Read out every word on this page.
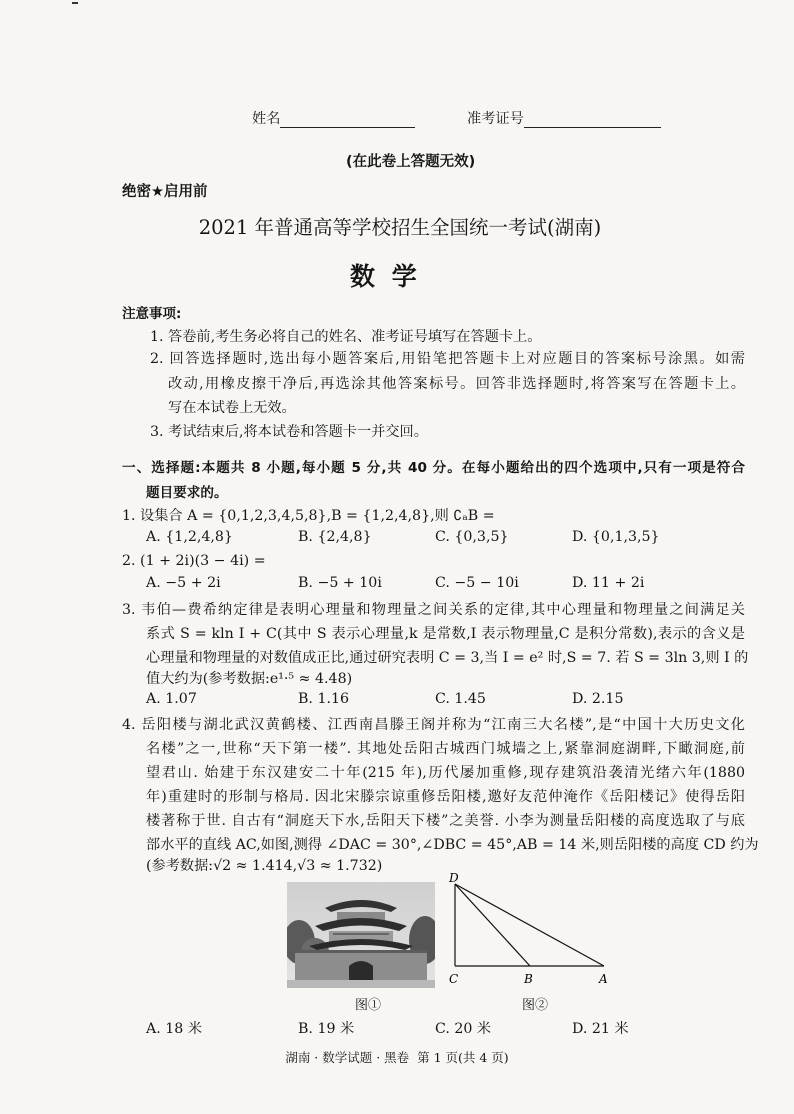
姓名	准考证号
(在此卷上答题无效)
绝密★启用前
2021 年普通高等学校招生全国统一考试(湖南)
数 学
注意事项:
1. 答卷前,考生务必将自己的姓名、准考证号填写在答题卡上。
2. 回答选择题时,选出每小题答案后,用铅笔把答题卡上对应题目的答案标号涂黑。如需
改动,用橡皮擦干净后,再选涂其他答案标号。回答非选择题时,将答案写在答题卡上。
写在本试卷上无效。
3. 考试结束后,将本试卷和答题卡一并交回。
一、选择题:本题共 8 小题,每小题 5 分,共 40 分。在每小题给出的四个选项中,只有一项是符合
题目要求的。
1. 设集合 A = {0,1,2,3,4,5,8},B = {1,2,4,8},则 ∁ₐB =
A. {1,2,4,8}	B. {2,4,8}	C. {0,3,5}	D. {0,1,3,5}
2. (1 + 2i)(3 − 4i) =
A. −5 + 2i	B. −5 + 10i	C. −5 − 10i	D. 11 + 2i
3. 韦伯—费希纳定律是表明心理量和物理量之间关系的定律,其中心理量和物理量之间满足关
系式 S = kln I + C(其中 S 表示心理量,k 是常数,I 表示物理量,C 是积分常数),表示的含义是
心理量和物理量的对数值成正比,通过研究表明 C = 3,当 I = e² 时,S = 7. 若 S = 3ln 3,则 I 的
值大约为(参考数据:e¹·⁵ ≈ 4.48)
A. 1.07	B. 1.16	C. 1.45	D. 2.15
4. 岳阳楼与湖北武汉黄鹤楼、江西南昌滕王阁并称为“江南三大名楼”,是“中国十大历史文化
名楼”之一,世称“天下第一楼”. 其地处岳阳古城西门城墙之上,紧靠洞庭湖畔,下瞰洞庭,前
望君山. 始建于东汉建安二十年(215 年),历代屡加重修,现存建筑沿袭清光绪六年(1880
年)重建时的形制与格局. 因北宋滕宗谅重修岳阳楼,邀好友范仲淹作《岳阳楼记》使得岳阳
楼著称于世. 自古有“洞庭天下水,岳阳天下楼”之美誉. 小李为测量岳阳楼的高度选取了与底
部水平的直线 AC,如图,测得 ∠DAC = 30°,∠DBC = 45°,AB = 14 米,则岳阳楼的高度 CD 约为
(参考数据:√2 ≈ 1.414,√3 ≈ 1.732)
图①
D
C	B	A
图②
A. 18 米	B. 19 米	C. 20 米	D. 21 米
湖南 · 数学试题 · 黑卷  第 1 页(共 4 页)
